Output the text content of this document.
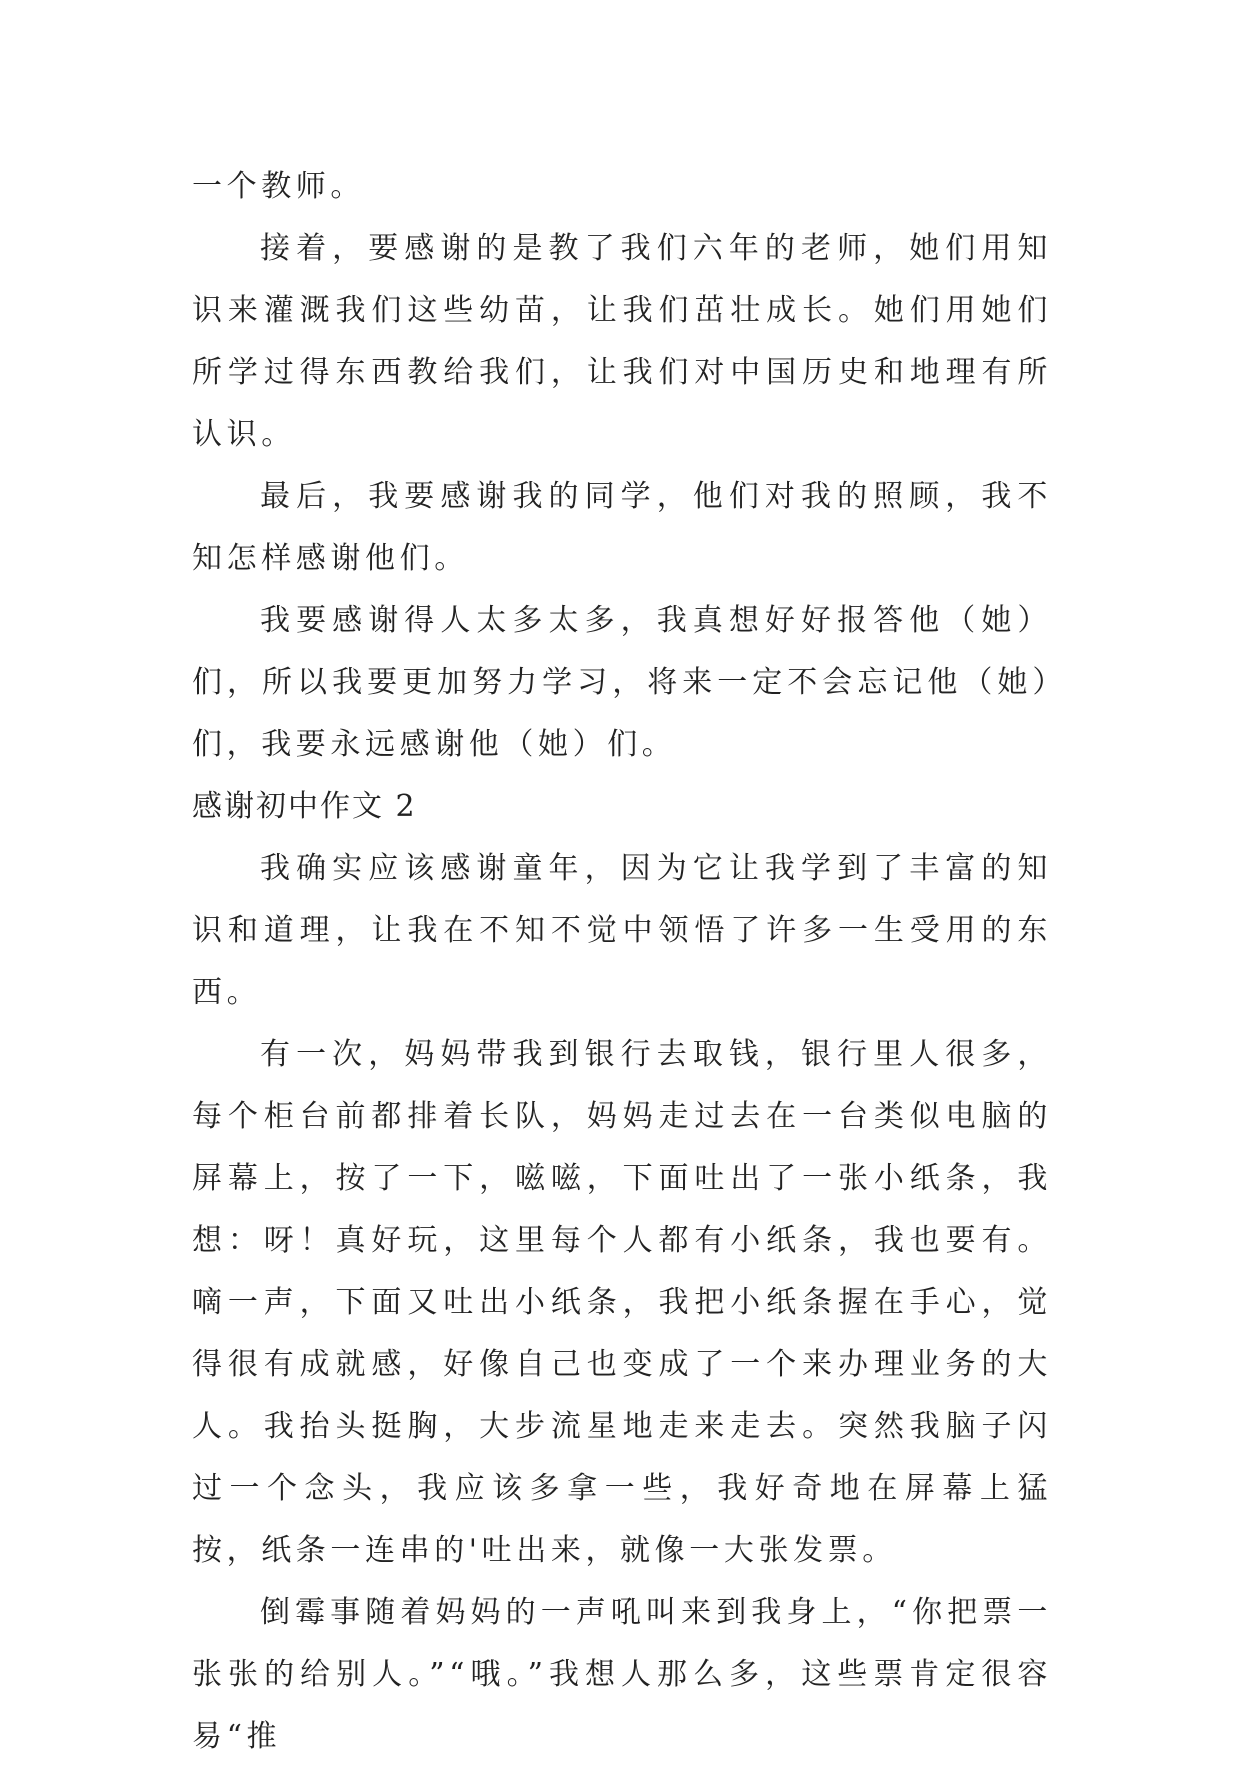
一个教师。

接着，要感谢的是教了我们六年的老师，她们用知识来灌溉我们这些幼苗，让我们茁壮成长。她们用她们所学过得东西教给我们，让我们对中国历史和地理有所认识。

最后，我要感谢我的同学，他们对我的照顾，我不知怎样感谢他们。

我要感谢得人太多太多，我真想好好报答他（她）们，所以我要更加努力学习，将来一定不会忘记他（她）们，我要永远感谢他（她）们。

感谢初中作文 2

我确实应该感谢童年，因为它让我学到了丰富的知识和道理，让我在不知不觉中领悟了许多一生受用的东西。

有一次，妈妈带我到银行去取钱，银行里人很多，每个柜台前都排着长队，妈妈走过去在一台类似电脑的屏幕上，按了一下，嗞嗞，下面吐出了一张小纸条，我想：呀！真好玩，这里每个人都有小纸条，我也要有。嘀一声，下面又吐出小纸条，我把小纸条握在手心，觉得很有成就感，好像自己也变成了一个来办理业务的大人。我抬头挺胸，大步流星地走来走去。突然我脑子闪过一个念头，我应该多拿一些，我好奇地在屏幕上猛按，纸条一连串的'吐出来，就像一大张发票。

倒霉事随着妈妈的一声吼叫来到我身上，“你把票一张张的给别人。”“哦。”我想人那么多，这些票肯定很容易“推
